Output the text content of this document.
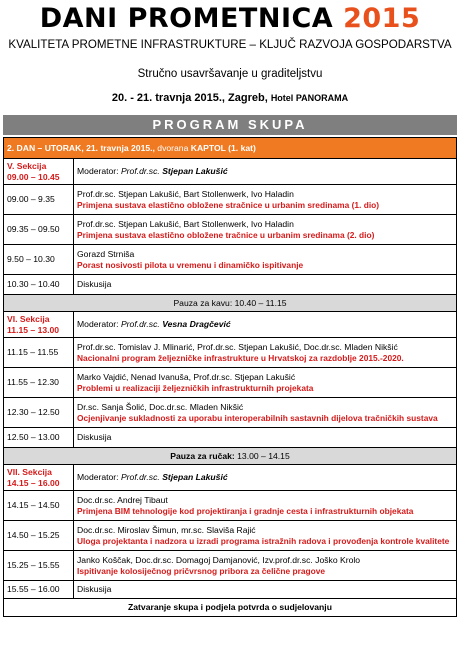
DANI PROMETNICA 2015
KVALITETA PROMETNE INFRASTRUKTURE – KLJUČ RAZVOJA GOSPODARSTVA
Stručno usavršavanje u graditeljstvu
20. - 21. travnja 2015., Zagreb, Hotel PANORAMA
PROGRAM SKUPA
2. DAN – UTORAK, 21. travnja 2015., dvorana KAPTOL (1. kat)	

V. Sekcija
09.00 – 10.45	Moderator: Prof.dr.sc. Stjepan Lakušić
09.00 – 9.35	Prof.dr.sc. Stjepan Lakušić, Bart Stollenwerk, Ivo Haladin
Primjena sustava elastično obložene stračnice u urbanim sredinama (1. dio)

09.35 – 09.50	Prof.dr.sc. Stjepan Lakušić, Bart Stollenwerk, Ivo Haladin
Primjena sustava elastično obložene tračnice u urbanim sredinama (2. dio)

9.50 – 10.30	Gorazd Strniša
Porast nosivosti pilota u vremenu i dinamičko ispitivanje

10.30 – 10.40	Diskusija
Pauza za kavu: 10.40 – 11.15	

VI. Sekcija
11.15 – 13.00	Moderator: Prof.dr.sc. Vesna Dragčević
11.15 – 11.55	Prof.dr.sc. Tomislav J. Mlinarić, Prof.dr.sc. Stjepan Lakušić, Doc.dr.sc. Mladen Nikšić
Nacionalni program željezničke infrastrukture u Hrvatskoj za razdoblje 2015.-2020.

11.55 – 12.30	Marko Vajdić, Nenad Ivanuša, Prof.dr.sc. Stjepan Lakušić
Problemi u realizaciji željezničkih infrastrukturnih projekata

12.30 – 12.50	Dr.sc. Sanja Šolić, Doc.dr.sc. Mladen Nikšić
Ocjenjivanje sukladnosti za uporabu interoperabilnih sastavnih dijelova tračničkih sustava

12.50 – 13.00	Diskusija
Pauza za ručak: 13.00 – 14.15	

VII. Sekcija
14.15 – 16.00	Moderator: Prof.dr.sc. Stjepan Lakušić
14.15 – 14.50	Doc.dr.sc. Andrej Tibaut
Primjena BIM tehnologije kod projektiranja i gradnje cesta i infrastrukturnih objekata

14.50 – 15.25	Doc.dr.sc. Miroslav Šimun, mr.sc. Slaviša Rajić
Uloga projektanta i nadzora u izradi programa istražnih radova i provođenja kontrole kvalitete

15.25 – 15.55	Janko Koščak, Doc.dr.sc. Domagoj Damjanović, Izv.prof.dr.sc. Joško Krolo
Ispitivanje kolosiječnog pričvrsnog pribora za čelične pragove

15.55 – 16.00	Diskusija
Zatvaranje skupa i podjela potvrda o sudjelovanju	
